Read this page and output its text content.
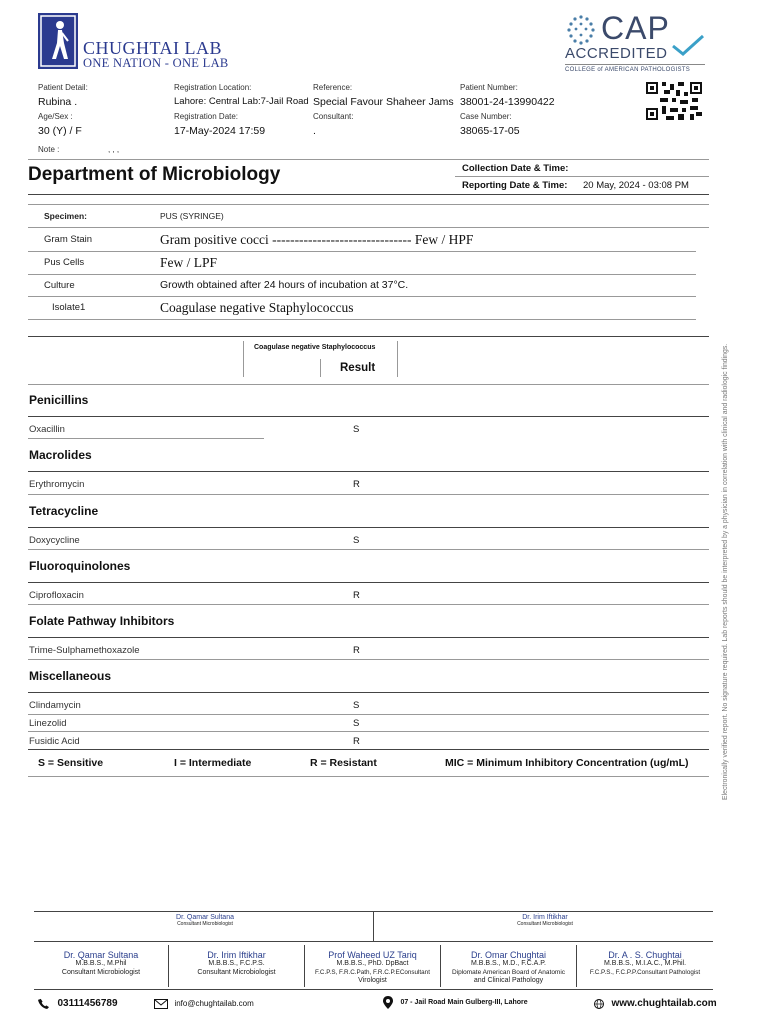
CHUGHTAI LAB
ONE NATION - ONE LAB
CAP
ACCREDITED
COLLEGE of AMERICAN PATHOLOGISTS
Patient Detail:
Rubina .
Age/Sex :
30 (Y) / F
Note :	, , ,
Registration Location:
Lahore: Central Lab:7-Jail Road
Registration Date:
17-May-2024 17:59
Reference:
Special Favour Shaheer Jams
Consultant:
.
Patient Number:
38001-24-13990422
Case Number:
38065-17-05
Department of Microbiology	Collection Date & Time:
Reporting Date & Time: 20 May, 2024 - 03:08 PM
Specimen:	PUS (SYRINGE)
Gram Stain	Gram positive cocci ------------------------------- Few / HPF
Pus Cells	Few / LPF
Culture	Growth obtained after 24 hours of incubation at 37°C.
Isolate1	Coagulase negative Staphylococcus
Coagulase negative Staphylococcus
Result
Penicillins
Oxacillin	S
Macrolides
Erythromycin	R
Tetracycline
Doxycycline	S
Fluoroquinolones
Ciprofloxacin	R
Folate Pathway Inhibitors
Trime-Sulphamethoxazole	R
Miscellaneous
Clindamycin	S
Linezolid	S
Fusidic Acid	R
S = Sensitive	I = Intermediate	R = Resistant	MIC = Minimum Inhibitory Concentration (ug/mL)	Electronically verified report. No signature required. Lab reports should be interpreted by a physician in correlation with clinical and radiologic findings.
Dr. Qamar Sultana
Consultant Microbiologist
Dr. Irim Iftikhar
Consultant Microbiologist
Dr. Qamar Sultana
M.B.B.S., M.Phil
Consultant Microbiologist
Dr. Irim Iftikhar
M.B.B.S., F.C.P.S.
Consultant Microbiologist
Prof Waheed UZ Tariq
M.B.B.S., PhD. DpBact
F.C.P.S, F.R.C.Path, F.R.C.P.EConsultant
Virologist
Dr. Omar Chughtai
M.B.B.S., M.D., F.C.A.P.
Diplomate American Board of Anatomic
and Clinical Pathology
Dr. A . S. Chughtai
M.B.B.S., M.I.A.C., M.Phil.
F.C.P.S., F.C.P.P.Consultant Pathologist
03111456789	info@chughtailab.com	07 - Jail Road Main Gulberg-III, Lahore	www.chughtailab.com
